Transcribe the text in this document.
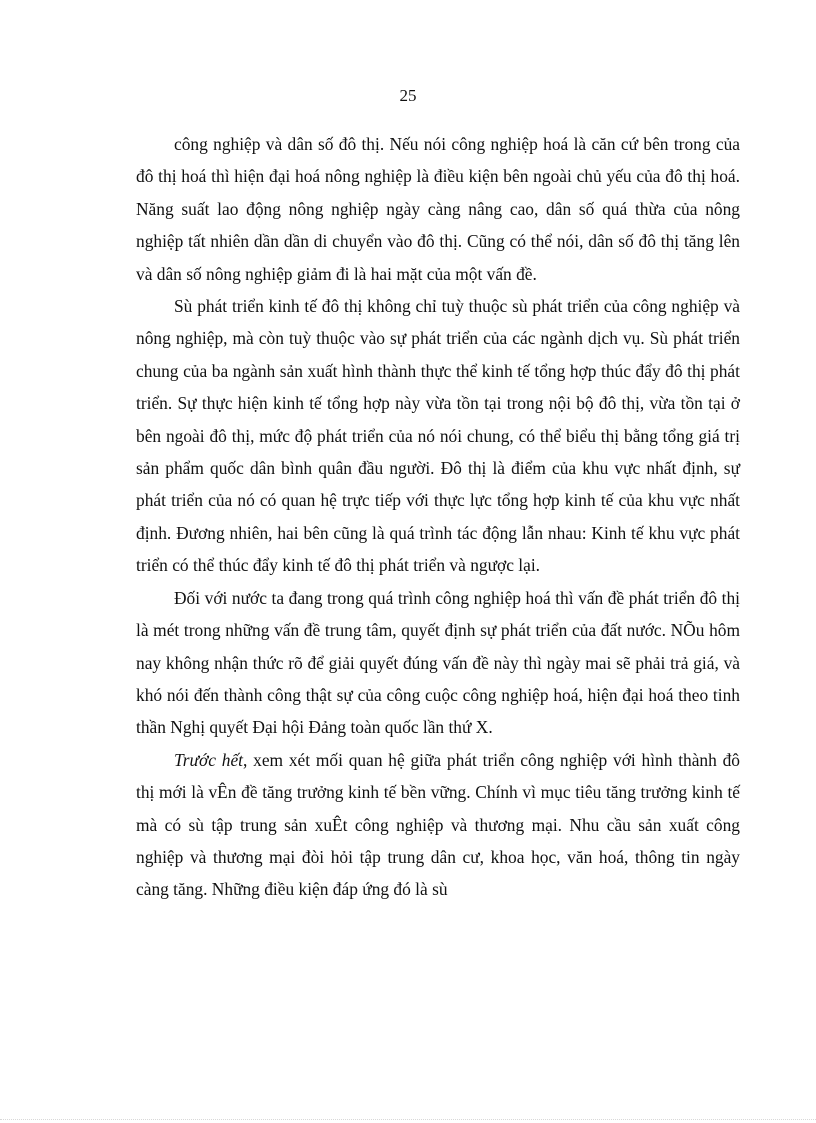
25

công nghiệp và dân số đô thị. Nếu nói công nghiệp hoá là căn cứ bên trong của đô thị hoá thì hiện đại hoá nông nghiệp là điều kiện bên ngoài chủ yếu của đô thị hoá. Năng suất lao động nông nghiệp ngày càng nâng cao, dân số quá thừa của nông nghiệp tất nhiên dần dần di chuyển vào đô thị. Cũng có thể nói, dân số đô thị tăng lên và dân số nông nghiệp giảm đi là hai mặt của một vấn đề.

Sù phát triển kinh tế đô thị không chỉ tuỳ thuộc sù phát triển của công nghiệp và nông nghiệp, mà còn tuỳ thuộc vào sự phát triển của các ngành dịch vụ. Sù phát triển chung của ba ngành sản xuất hình thành thực thể kinh tế tổng hợp thúc đẩy đô thị phát triển. Sự thực hiện kinh tế tổng hợp này vừa tồn tại trong nội bộ đô thị, vừa tồn tại ở bên ngoài đô thị, mức độ phát triển của nó nói chung, có thể biểu thị bằng tổng giá trị sản phẩm quốc dân bình quân đầu người. Đô thị là điểm của khu vực nhất định, sự phát triển của nó có quan hệ trực tiếp với thực lực tổng hợp kinh tế của khu vực nhất định. Đương nhiên, hai bên cũng là quá trình tác động lẫn nhau: Kinh tế khu vực phát triển có thể thúc đẩy kinh tế đô thị phát triển và ngược lại.

Đối với nước ta đang trong quá trình công nghiệp hoá thì vấn đề phát triển đô thị là mét trong những vấn đề trung tâm, quyết định sự phát triển của đất nước. NÕu hôm nay không nhận thức rõ để giải quyết đúng vấn đề này thì ngày mai sẽ phải trả giá, và khó nói đến thành công thật sự của công cuộc công nghiệp hoá, hiện đại hoá theo tinh thần Nghị quyết Đại hội Đảng toàn quốc lần thứ X.

Trước hết, xem xét mối quan hệ giữa phát triển công nghiệp với hình thành đô thị mới là vÊn đề tăng trưởng kinh tế bền vững. Chính vì mục tiêu tăng trưởng kinh tế mà có sù tập trung sản xuÊt công nghiệp và thương mại. Nhu cầu sản xuất công nghiệp và thương mại đòi hỏi tập trung dân cư, khoa học, văn hoá, thông tin ngày càng tăng. Những điều kiện đáp ứng đó là sù
